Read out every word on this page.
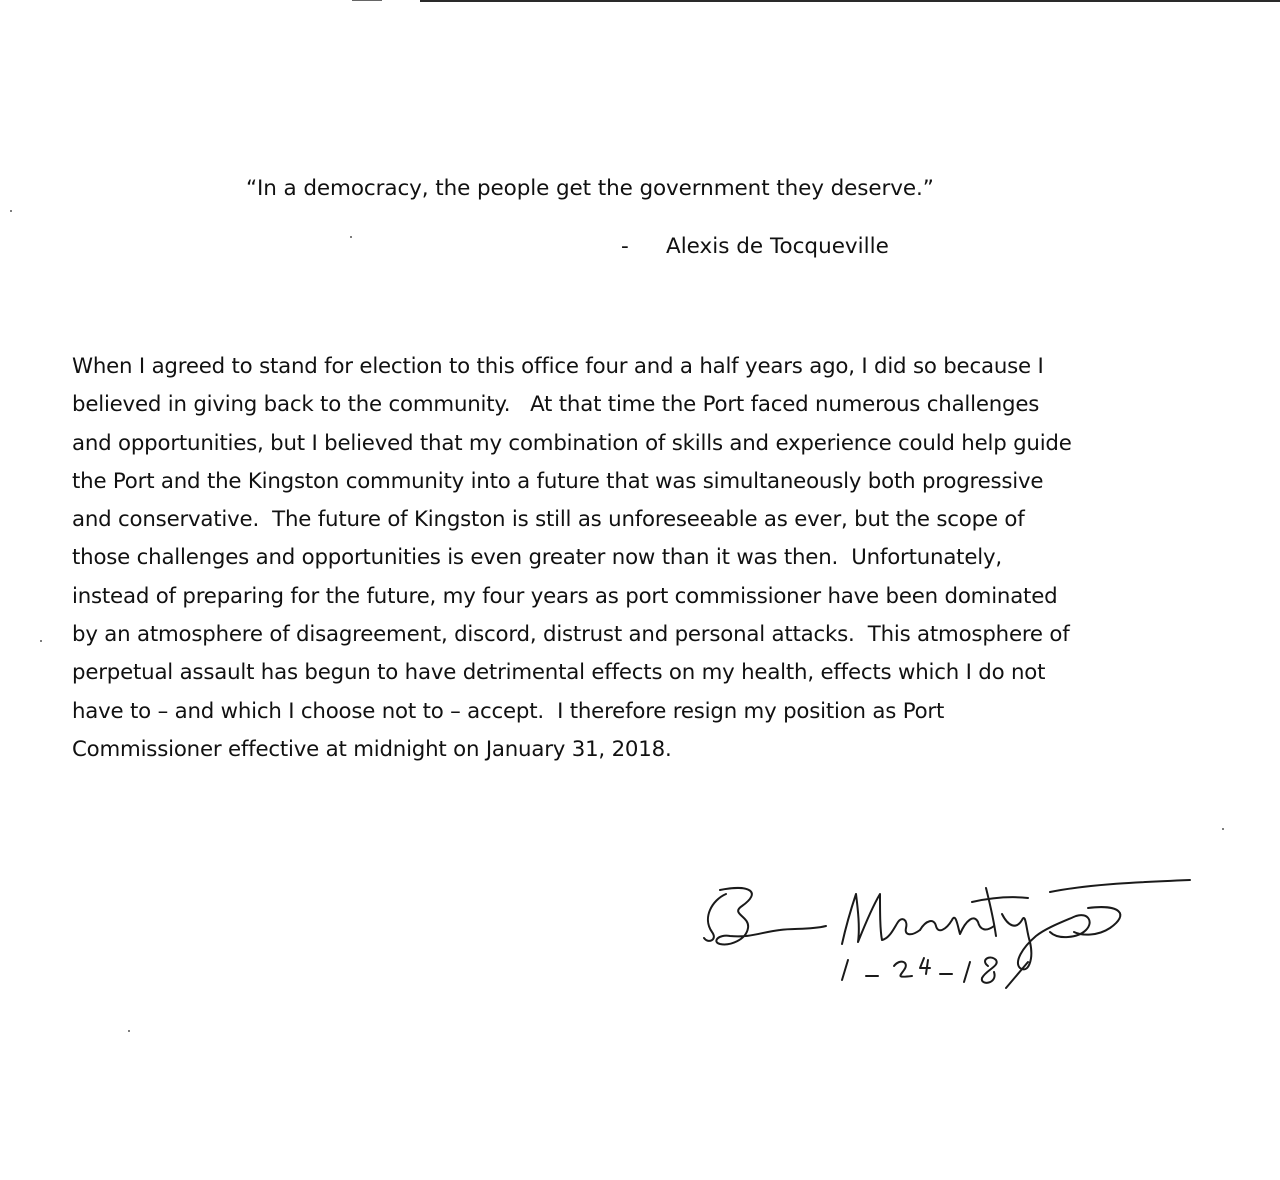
“In a democracy, the people get the government they deserve.”
- Alexis de Tocqueville
When I agreed to stand for election to this office four and a half years ago, I did so because I
believed in giving back to the community.   At that time the Port faced numerous challenges
and opportunities, but I believed that my combination of skills and experience could help guide
the Port and the Kingston community into a future that was simultaneously both progressive
and conservative.  The future of Kingston is still as unforeseeable as ever, but the scope of
those challenges and opportunities is even greater now than it was then.  Unfortunately,
instead of preparing for the future, my four years as port commissioner have been dominated
by an atmosphere of disagreement, discord, distrust and personal attacks.  This atmosphere of
perpetual assault has begun to have detrimental effects on my health, effects which I do not
have to – and which I choose not to – accept.  I therefore resign my position as Port
Commissioner effective at midnight on January 31, 2018.
